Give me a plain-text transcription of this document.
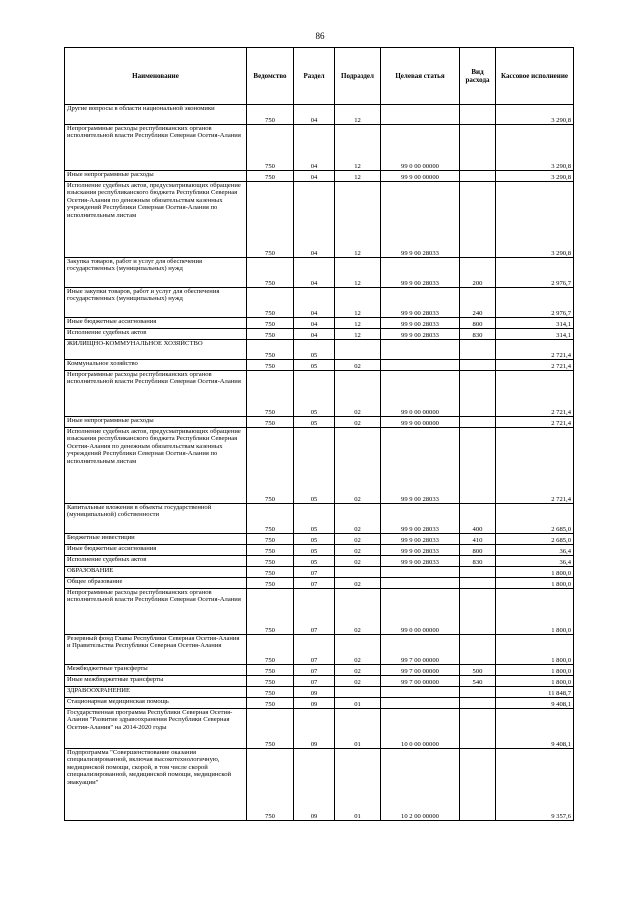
86
Наименование	Ведомство	Раздел	Подраздел	Целевая статья	Вид расхода	Кассовое исполнение
Другие вопросы в области национальной экономики	750	04	12			3 290,8
Непрограммные расходы республиканских органов исполнительной власти Республики Северная Осетия-Алания	750	04	12	99 0 00 00000		3 290,8
Иные непрограммные расходы	750	04	12	99 9 00 00000		3 290,8
Исполнение судебных актов, предусматривающих обращение взыскания республиканского бюджета Республики Северная Осетия-Алания по денежным обязательствам казенных учреждений Республики Северная Осетия-Алания по исполнительным листам	750	04	12	99 9 00 28033		3 290,8
Закупка товаров, работ и услуг для обеспечения государственных (муниципальных) нужд	750	04	12	99 9 00 28033	200	2 976,7
Иные закупки товаров, работ и услуг для обеспечения государственных (муниципальных) нужд	750	04	12	99 9 00 28033	240	2 976,7
Иные бюджетные ассигнования	750	04	12	99 9 00 28033	800	314,1
Исполнение судебных актов	750	04	12	99 9 00 28033	830	314,1
ЖИЛИЩНО-КОММУНАЛЬНОЕ ХОЗЯЙСТВО	750	05				2 721,4
Коммунальное хозяйство	750	05	02			2 721,4
Непрограммные расходы республиканских органов исполнительной власти Республики Северная Осетия-Алания	750	05	02	99 0 00 00000		2 721,4
Иные непрограммные расходы	750	05	02	99 9 00 00000		2 721,4
Исполнение судебных актов, предусматривающих обращение взыскания республиканского бюджета Республики Северная Осетия-Алания по денежным обязательствам казенных учреждений Республики Северная Осетия-Алания по исполнительным листам	750	05	02	99 9 00 28033		2 721,4
Капитальные вложения в объекты государственной (муниципальной) собственности	750	05	02	99 9 00 28033	400	2 685,0
Бюджетные инвестиции	750	05	02	99 9 00 28033	410	2 685,0
Иные бюджетные ассигнования	750	05	02	99 9 00 28033	800	36,4
Исполнение судебных актов	750	05	02	99 9 00 28033	830	36,4
ОБРАЗОВАНИЕ	750	07				1 800,0
Общее образование	750	07	02			1 800,0
Непрограммные расходы республиканских органов исполнительной власти Республики Северная Осетия-Алания	750	07	02	99 0 00 00000		1 800,0
Резервный фонд Главы Республики Северная Осетия-Алания и Правительства Республики Северная Осетия-Алания	750	07	02	99 7 00 00000		1 800,0
Межбюджетные трансферты	750	07	02	99 7 00 00000	500	1 800,0
Иные межбюджетные трансферты	750	07	02	99 7 00 00000	540	1 800,0
ЗДРАВООХРАНЕНИЕ	750	09				11 848,7
Стационарная медицинская помощь	750	09	01			9 408,1
Государственная программа Республики Северная Осетия-Алания "Развитие здравоохранения Республики Северная Осетия-Алания" на 2014-2020 годы	750	09	01	10 0 00 00000		9 408,1
Подпрограмма "Совершенствование оказания специализированной, включая высокотехнологичную, медицинской помощи, скорой, в том числе скорой специализированной, медицинской помощи, медицинской эвакуации"	750	09	01	10 2 00 00000		9 357,6
